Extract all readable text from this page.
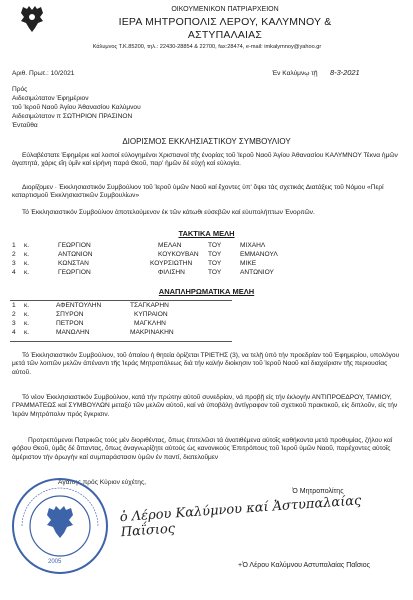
ΟΙΚΟΥΜΕΝΙΚΟΝ ΠΑΤΡΙΑΡΧΕΙΟΝ
ΙΕΡΑ ΜΗΤΡΟΠΟΛΙΣ ΛΕΡΟΥ, ΚΑΛΥΜΝΟΥ &
ΑΣΤΥΠΑΛΑΙΑΣ
Κάλυμνος Τ.Κ.85200, τηλ.: 22430-28854 & 22700, fax:28474, e-mail: imkalymnoy@yahoo.gr
Αριθ. Πρωτ.: 10/2021	Έν Καλύμνῳ τῇ 8-3-2021
Πρός
Αιδεσιμώτατον Έφημέριον
τοῦ Ἱεροῦ Ναοῦ Ἁγίου Ἀθανασίου Καλύμνου
Αιδεσιμώτατον π ΣΩΤΗΡΙΟΝ ΠΡΑΣΙΝΟΝ
Ἐνταῦθα
ΔΙΟΡΙΣΜΟΣ ΕΚΚΛΗΣΙΑΣΤΙΚΟΥ ΣΥΜΒΟΥΛΙΟΥ
Εὐλαβέστατε Ἐφημέριε καί λοιποί εὐλογημένοι Χριστιανοί τῆς ἐνορίας τοῦ Ἱεροῦ Ναοῦ Ἁγίου Ἀθανασίου ΚΑΛΥΜΝΟΥ Τέκνα ἡμῶν ἀγαπητά, χάρις εἴη ὑμῖν καί εἰρήνη παρά Θεοῦ, παρ' ἡμῶν δέ εὐχή καί εὐλογία.
Διορίζομεν · Ἐκκλησιαστικόν Συμβούλιον τοῦ Ἱεροῦ ὑμῶν Ναοῦ καί ἔχοντες ὑπ' ὄψει τάς σχετικάς Διατάξεις τοῦ Νόμου «Περί καταρτισμοῦ Ἐκκλησιαστικῶν Συμβουλίων»
Τό Ἐκκλησιαστικόν Συμβούλιον ἀποτελούμενον ἐκ τῶν κάτωθι εὐσεβῶν καί εὐυπολήπτων Ἐνοριτῶν.
ΤΑΚΤΙΚΑ ΜΕΛΗ
1 κ.	ΓΕΩΡΓΙΟΝ	ΜΕΛΑΝ	ΤΟΥ	ΜΙΧΑΗΛ
2 κ.	ΑΝΤΩΝΙΟΝ	ΚΟΥΚΟΥΒΑΝ ΤΟΥ	ΕΜΜΑΝΟΥΛ
3 κ.	ΚΩΝΣΤΑΝ	ΚΟΥΡΣΙΩΤΗΝ ΤΟΥ	ΜΙΚΕ
4 κ.	ΓΕΩΡΓΙΟΝ	ΦΙΛΙΣΗΝ	ΤΟΥ	ΑΝΤΩΝΙΟΥ
ΑΝΑΠΛΗΡΩΜΑΤΙΚΑ ΜΕΛΗ
1 κ.	ΑΦΕΝΤΟΥΛΗΝ	ΤΣΑΓΚΑΡΗΝ
2 κ.	ΣΠΥΡΟΝ	ΚΥΠΡΑΙΟΝ
3 κ.	ΠΕΤΡΟΝ	ΜΑΓΚΛΗΝ
4 κ.	ΜΑΝΩΛΗΝ	ΜΑΚΡΙΝΑΚΗΝ
Τό Ἐκκλησιαστικόν Συμβούλιον, τοῦ ὁποίου ἡ θητεία ὁρίζεται ΤΡΙΕΤΗΣ (3), να τελῇ ὑπό τήν προεδρίαν τοῦ Ἐφημερίου, υπολόγου μετά τῶν λοιπῶν μελῶν ἀπέναντι τῆς Ἱεράς Μητροπόλεως διά τήν καλήν διοίκησιν τοῦ Ἱεροῦ Ναοῦ καί διαχείρισιν τῆς περιουσίας αὐτοῦ.
Τό νέον Ἐκκλησιαστικόν Συμβούλιον, κατά τήν πρώτην αὐτοῦ συνεδρίαν, νά προβῇ εἰς τήν ἐκλογήν ΑΝΤΙΠΡΟΕΔΡΟΥ, ΤΑΜΙΟΥ, ΓΡΑΜΜΑΤΕΩΣ καί ΣΥΜΒΟΥΛΩΝ μεταξύ τῶν μελῶν αὐτοῦ, καί νά ὑποβάλῃ ἀντίγραφον τοῦ σχετικοῦ πρακτικοῦ, εἰς διπλοῦν, εἰς τήν Ἱεράν Μητρόπολιν πρός ἔγκρισιν.
Προτρεπόμενοι Πατρικῶς τούς μέν διοριθέντας, ὅπως ἐπιτελῶσι τά ἀνατιθέμενα αὐτοῖς καθήκοντα μετά προθυμίας, ζήλου καί φόβου Θεοῦ, ὑμᾶς δέ ἅπαντας, ὅπως ἀναγνωρίζητε αὐτούς ὡς κανονικούς Ἐπιτρόπους τοῦ Ἱεροῦ ὑμῶν Ναοῦ, παρέχοντες αὐτοῖς ἀμέριστον τήν ἀρωγήν καί συμπαράστασιν ὑμῶν ἐν παντί, διατελοῦμεν
Ἀγάπης πρός Κύριον εὐχέτης,
2005
Ὁ Μητροπολίτης
ὁ Λέρου Καλύμνου καί Ἀστυπαλαίας Παΐσιος
+Ὁ Λέρου Καλύμνου Αστυπαλαίας Παΐσιος
